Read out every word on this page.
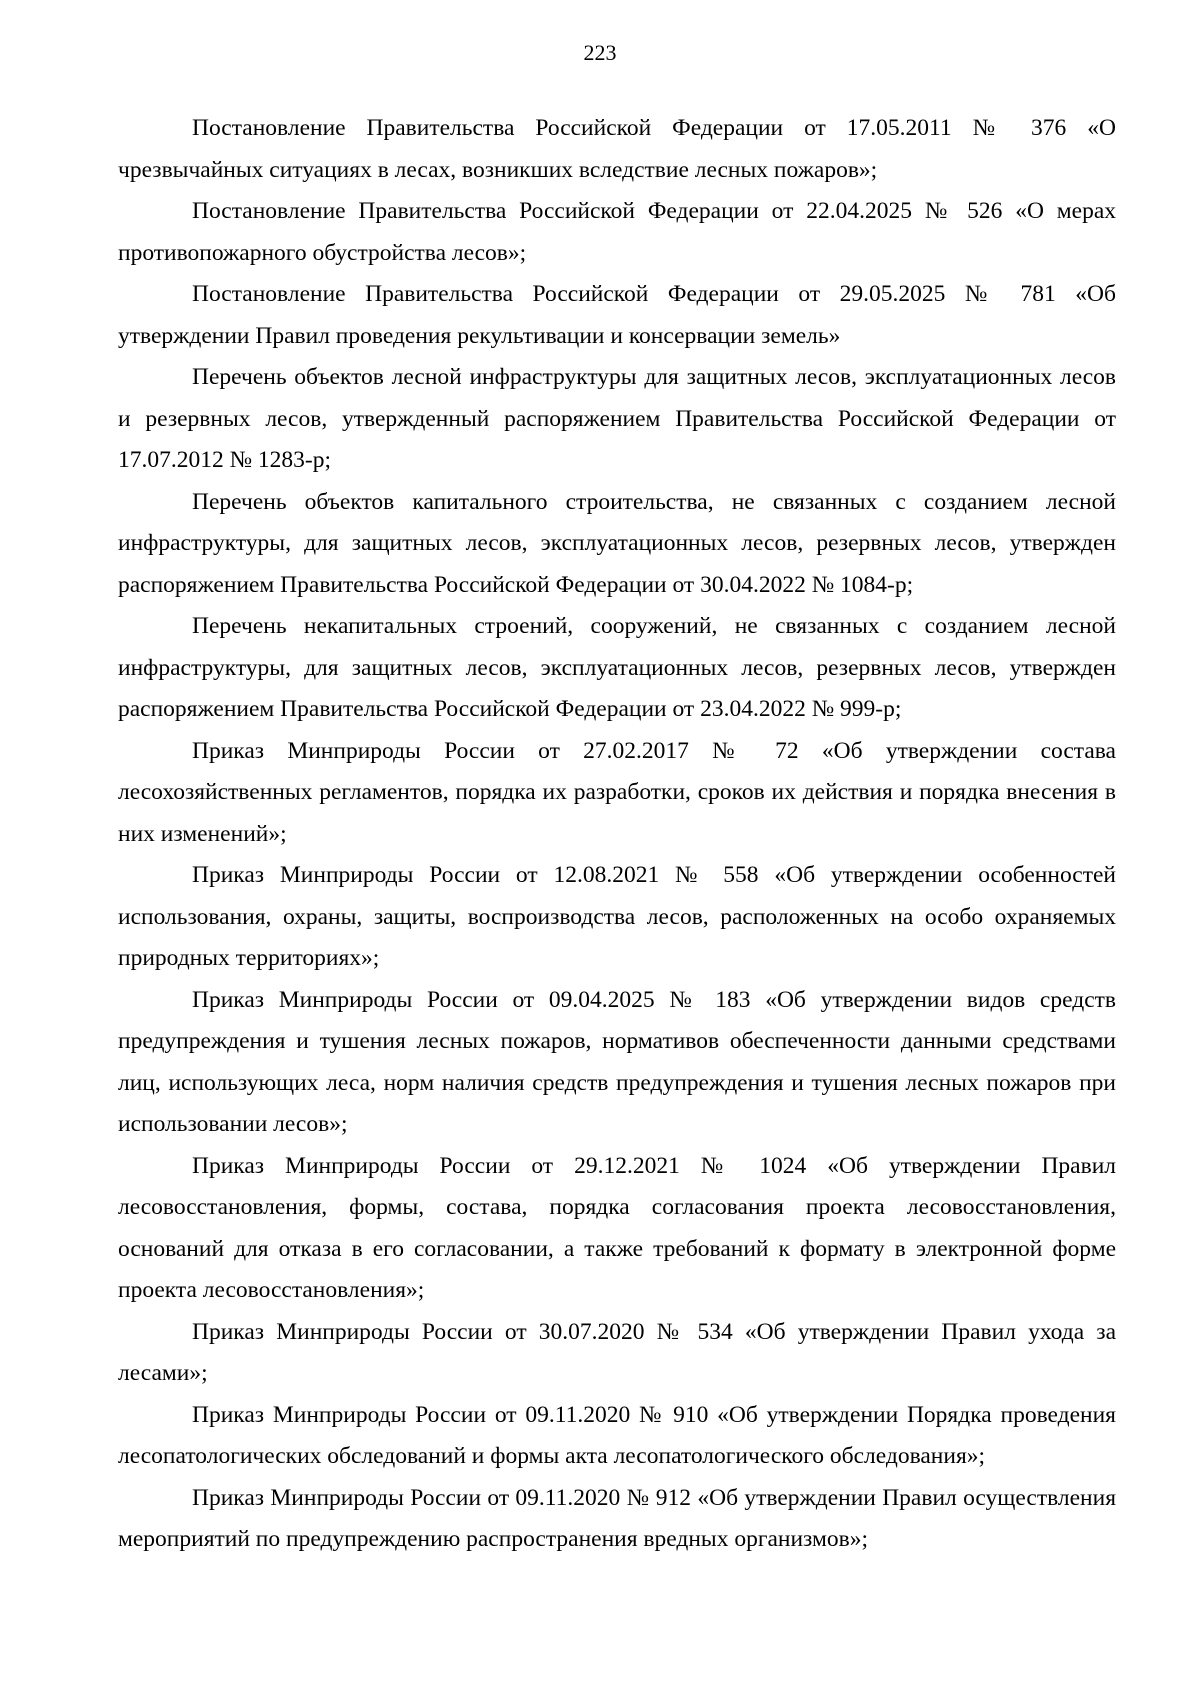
223

Постановление Правительства Российской Федерации от 17.05.2011 № 376 «О чрезвычайных ситуациях в лесах, возникших вследствие лесных пожаров»;

Постановление Правительства Российской Федерации от 22.04.2025 № 526 «О мерах противопожарного обустройства лесов»;

Постановление Правительства Российской Федерации от 29.05.2025 № 781 «Об утверждении Правил проведения рекультивации и консервации земель»

Перечень объектов лесной инфраструктуры для защитных лесов, эксплуатационных лесов и резервных лесов, утвержденный распоряжением Правительства Российской Федерации от 17.07.2012 № 1283-р;

Перечень объектов капитального строительства, не связанных с созданием лесной инфраструктуры, для защитных лесов, эксплуатационных лесов, резервных лесов, утвержден распоряжением Правительства Российской Федерации от 30.04.2022 № 1084-р;

Перечень некапитальных строений, сооружений, не связанных с созданием лесной инфраструктуры, для защитных лесов, эксплуатационных лесов, резервных лесов, утвержден распоряжением Правительства Российской Федерации от 23.04.2022 № 999-р;

Приказ Минприроды России от 27.02.2017 № 72 «Об утверждении состава лесохозяйственных регламентов, порядка их разработки, сроков их действия и порядка внесения в них изменений»;

Приказ Минприроды России от 12.08.2021 № 558 «Об утверждении особенностей использования, охраны, защиты, воспроизводства лесов, расположенных на особо охраняемых природных территориях»;

Приказ Минприроды России от 09.04.2025 № 183 «Об утверждении видов средств предупреждения и тушения лесных пожаров, нормативов обеспеченности данными средствами лиц, использующих леса, норм наличия средств предупреждения и тушения лесных пожаров при использовании лесов»;

Приказ Минприроды России от 29.12.2021 № 1024 «Об утверждении Правил лесовосстановления, формы, состава, порядка согласования проекта лесовосстановления, оснований для отказа в его согласовании, а также требований к формату в электронной форме проекта лесовосстановления»;

Приказ Минприроды России от 30.07.2020 № 534 «Об утверждении Правил ухода за лесами»;

Приказ Минприроды России от 09.11.2020 № 910 «Об утверждении Порядка проведения лесопатологических обследований и формы акта лесопатологического обследования»;

Приказ Минприроды России от 09.11.2020 № 912 «Об утверждении Правил осуществления мероприятий по предупреждению распространения вредных организмов»;
